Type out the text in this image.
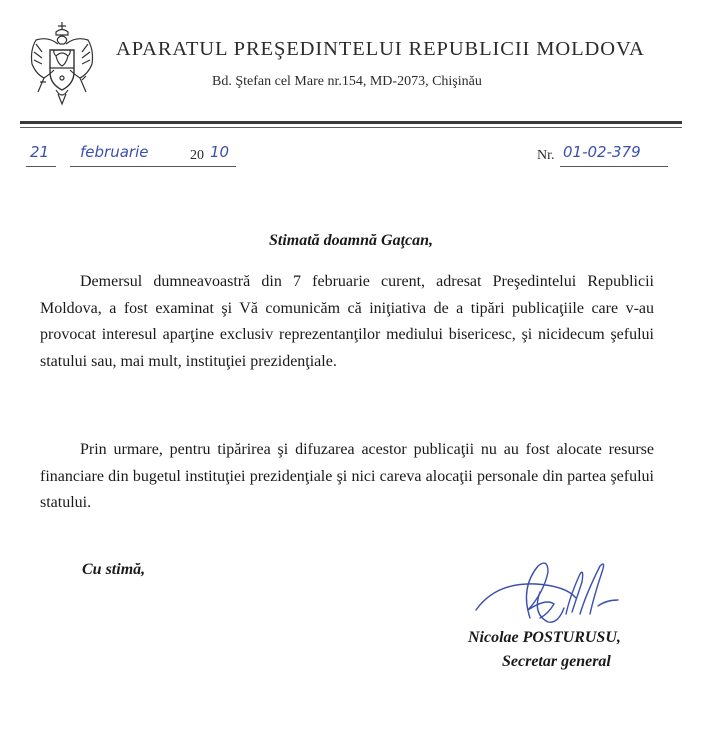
APARATUL PREŞEDINTELUI REPUBLICII MOLDOVA
Bd. Ştefan cel Mare nr.154, MD-2073, Chişinău
21 februarie	20 10	Nr. 01-02-379
Stimată doamnă Gaţcan,

Demersul dumneavoastră din 7 februarie curent, adresat Preşedintelui Republicii Moldova, a fost examinat şi Vă comunicăm că iniţiativa de a tipări publicaţiile care v-au provocat interesul aparţine exclusiv reprezentanţilor mediului bisericesc, şi nicidecum şefului statului sau, mai mult, instituţiei prezidenţiale.

Prin urmare, pentru tipărirea şi difuzarea acestor publicaţii nu au fost alocate resurse financiare din bugetul instituţiei prezidenţiale şi nici careva alocaţii personale din partea şefului statului.

Cu stimă,
Nicolae POSTURUSU,
Secretar general
